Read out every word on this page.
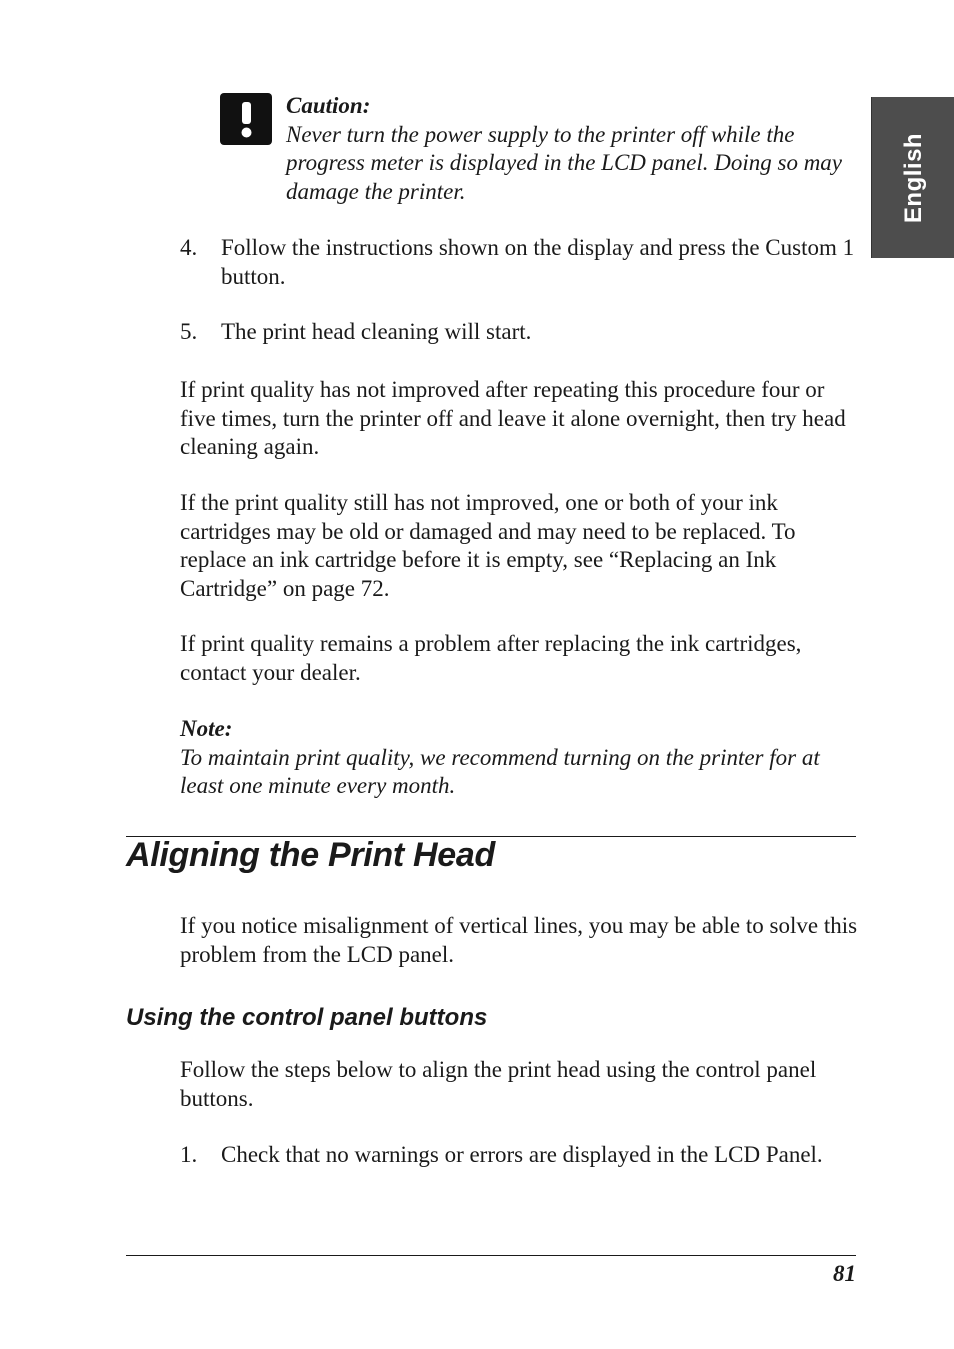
English
Caution:
Never turn the power supply to the printer off while the progress meter is displayed in the LCD panel. Doing so may damage the printer.
4. Follow the instructions shown on the display and press the Custom 1 button.
5. The print head cleaning will start.
If print quality has not improved after repeating this procedure four or five times, turn the printer off and leave it alone overnight, then try head cleaning again.
If the print quality still has not improved, one or both of your ink cartridges may be old or damaged and may need to be replaced. To replace an ink cartridge before it is empty, see “Replacing an Ink Cartridge” on page 72.
If print quality remains a problem after replacing the ink cartridges, contact your dealer.
Note:
To maintain print quality, we recommend turning on the printer for at least one minute every month.
Aligning the Print Head
If you notice misalignment of vertical lines, you may be able to solve this problem from the LCD panel.
Using the control panel buttons
Follow the steps below to align the print head using the control panel buttons.
1. Check that no warnings or errors are displayed in the LCD Panel.
81
